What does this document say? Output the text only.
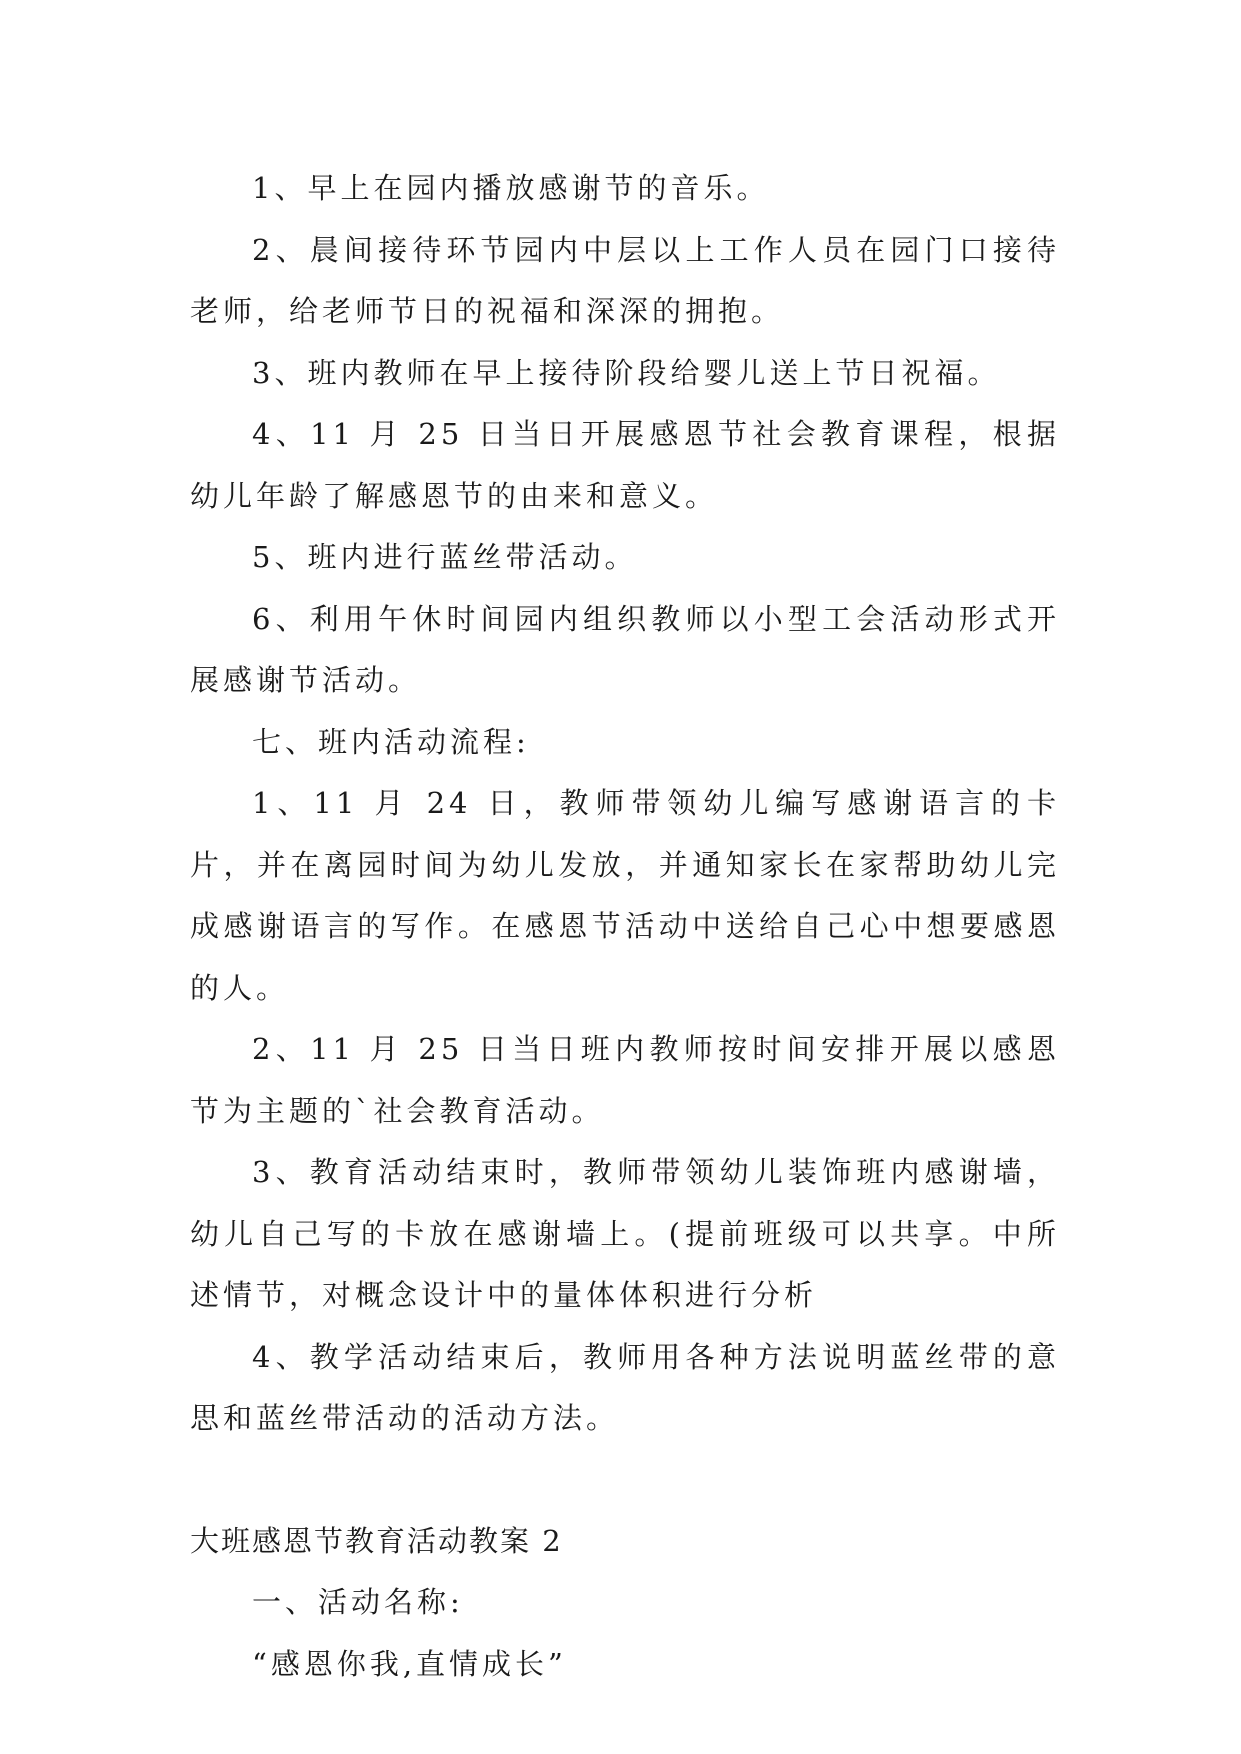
1、早上在园内播放感谢节的音乐。

2、晨间接待环节园内中层以上工作人员在园门口接待老师，给老师节日的祝福和深深的拥抱。

3、班内教师在早上接待阶段给婴儿送上节日祝福。

4、11 月 25 日当日开展感恩节社会教育课程，根据幼儿年龄了解感恩节的由来和意义。

5、班内进行蓝丝带活动。

6、利用午休时间园内组织教师以小型工会活动形式开展感谢节活动。

七、班内活动流程:

1、11 月 24 日，教师带领幼儿编写感谢语言的卡片，并在离园时间为幼儿发放，并通知家长在家帮助幼儿完成感谢语言的写作。在感恩节活动中送给自己心中想要感恩的人。

2、11 月 25 日当日班内教师按时间安排开展以感恩节为主题的`社会教育活动。

3、教育活动结束时，教师带领幼儿装饰班内感谢墙，幼儿自己写的卡放在感谢墙上。(提前班级可以共享。中所述情节，对概念设计中的量体体积进行分析

4、教学活动结束后，教师用各种方法说明蓝丝带的意思和蓝丝带活动的活动方法。

大班感恩节教育活动教案 2

一、活动名称:

“感恩你我,直情成长”
